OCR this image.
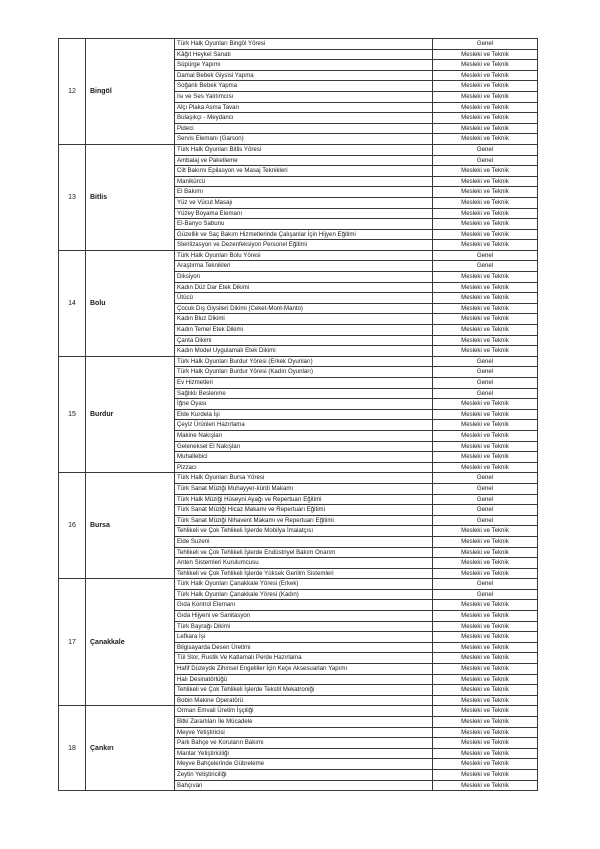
12	Bingöl	
Türk Halk Oyunları Bingöl Yöresi	Genel
Kâğıt Heykel Sanatı	Mesleki ve Teknik
Süpürge Yapımı	Mesleki ve Teknik
Damal Bebek Giysisi Yapma	Mesleki ve Teknik
Soğanlı Bebek Yapma	Mesleki ve Teknik
Isı ve Ses Yalıtımcısı	Mesleki ve Teknik
Alçı Plaka Asma Tavan	Mesleki ve Teknik
Bulaşıkçı - Meydancı	Mesleki ve Teknik
Pideci	Mesleki ve Teknik
Servis Elemanı (Garson)	Mesleki ve Teknik

13	Bitlis	
Türk Halk Oyunları Bitlis Yöresi	Genel
Ambalaj ve Paketleme	Genel
Cilt Bakımı Epilasyon ve Masaj Teknikleri	Mesleki ve Teknik
Manikürcü	Mesleki ve Teknik
El Bakımı	Mesleki ve Teknik
Yüz ve Vücut Masajı	Mesleki ve Teknik
Yüzey Boyama Elemanı	Mesleki ve Teknik
El-Banyo Sabunu	Mesleki ve Teknik
Güzellik ve Saç Bakım Hizmetlerinde Çalışanlar İçin Hijyen Eğitimi	Mesleki ve Teknik
Sterilizasyon ve Dezenfeksiyon Personel Eğitimi	Mesleki ve Teknik

14	Bolu	
Türk Halk Oyunları Bolu Yöresi	Genel
Araştırma Teknikleri	Genel
Diksiyon	Mesleki ve Teknik
Kadın Düz Dar Etek Dikimi	Mesleki ve Teknik
Ütücü	Mesleki ve Teknik
Çocuk Dış Giysileri Dikimi (Ceket-Mont-Manto)	Mesleki ve Teknik
Kadın Bluz Dikimi	Mesleki ve Teknik
Kadın Temel Etek Dikimi	Mesleki ve Teknik
Çanta Dikimi	Mesleki ve Teknik
Kadın Model Uygulamalı Etek Dikimi	Mesleki ve Teknik

15	Burdur	
Türk Halk Oyunları Burdur Yöresi (Erkek Oyunları)	Genel
Türk Halk Oyunları Burdur Yöresi (Kadın Oyunları)	Genel
Ev Hizmetleri	Genel
Sağlıklı Beslenme	Genel
İğne Oyası	Mesleki ve Teknik
Elde Kurdela İşi	Mesleki ve Teknik
Çeyiz Ürünleri Hazırlama	Mesleki ve Teknik
Makine Nakışları	Mesleki ve Teknik
Geleneksel El Nakışları	Mesleki ve Teknik
Muhallebici	Mesleki ve Teknik
Pizzacı	Mesleki ve Teknik

16	Bursa	
Türk Halk Oyunları Bursa Yöresi	Genel
Türk Sanat Müziği Muhayyer-kürdi Makamı	Genel
Türk Halk Müziği Hüseyni Ayağı ve Repertuarı Eğitimi	Genel
Türk Sanat Müziği Hicaz Makamı ve Repertuarı Eğitimi	Genel
Türk Sanat Müziği Nihavent Makamı ve Repertuarı Eğitimi	Genel
Tehlikeli ve Çok Tehlikeli İşlerde Mobilya İmalatçısı	Mesleki ve Teknik
Elde Suzeni	Mesleki ve Teknik
Tehlikeli ve Çok Tehlikeli İşlerde Endüstriyel Bakım Onarım	Mesleki ve Teknik
Anten Sistemleri Kurulumcusu	Mesleki ve Teknik
Tehlikeli ve Çok Tehlikeli İşlerde Yüksek Gerilim Sistemleri	Mesleki ve Teknik

17	Çanakkale	
Türk Halk Oyunları Çanakkale Yöresi (Erkek)	Genel
Türk Halk Oyunları Çanakkale Yöresi (Kadın)	Genel
Gıda Kontrol Elemanı	Mesleki ve Teknik
Gıda Hijyeni ve Sanitasyon	Mesleki ve Teknik
Türk Bayrağı Dikimi	Mesleki ve Teknik
Lefkara İşi	Mesleki ve Teknik
Bilgisayarda Desen Üretimi	Mesleki ve Teknik
Tül Stor, Rustik Ve Katlamalı Perde Hazırlama	Mesleki ve Teknik
Hafif Düzeyde Zihinsel Engelliler İçin Keçe Aksesuarları Yapımı	Mesleki ve Teknik
Halı Desinatörlüğü	Mesleki ve Teknik
Tehlikeli ve Çok Tehlikeli İşlerde Tekstil Mekatroniği	Mesleki ve Teknik
Bobin Makine Operatörü	Mesleki ve Teknik

18	Çankırı	
Orman Emvali Üretim İşçiliği	Mesleki ve Teknik
Bitki Zararlıları İle Mücadele	Mesleki ve Teknik
Meyve Yetiştiricisi	Mesleki ve Teknik
Park Bahçe ve Koruların Bakımı	Mesleki ve Teknik
Mantar Yetiştiriciliği	Mesleki ve Teknik
Meyve Bahçelerinde Gübreleme	Mesleki ve Teknik
Zeytin Yetiştiriciliği	Mesleki ve Teknik
Bahçıvan	Mesleki ve Teknik
